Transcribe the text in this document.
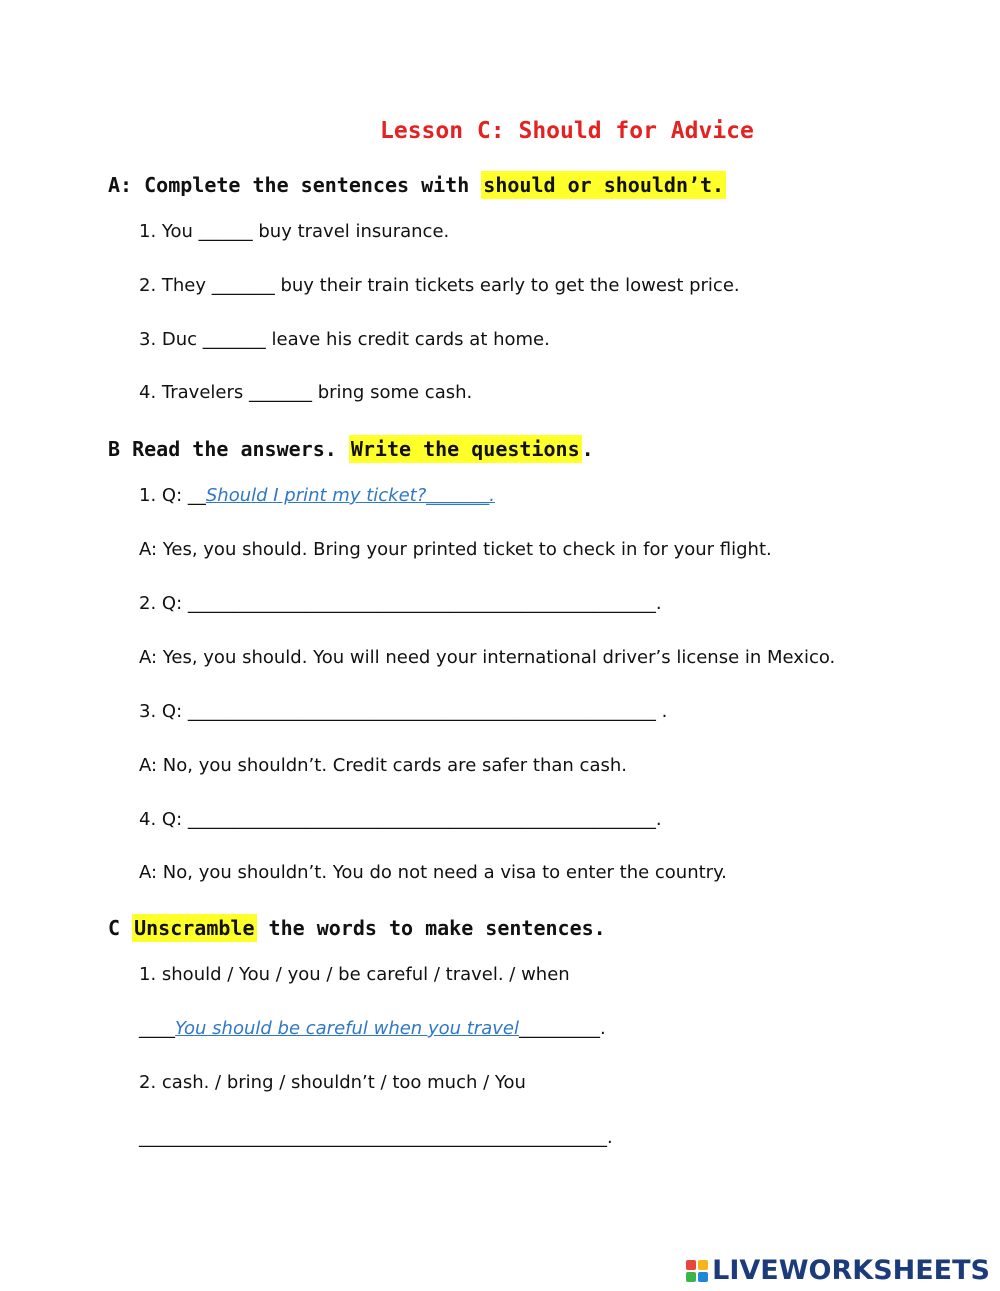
Lesson C: Should for Advice
A: Complete the sentences with should or shouldn’t.
1. You ______ buy travel insurance.
2. They _______ buy their train tickets early to get the lowest price.
3. Duc _______ leave his credit cards at home.
4. Travelers _______ bring some cash.
B Read the answers. Write the questions .
1. Q: __Should I print my ticket?_______.
A: Yes, you should. Bring your printed ticket to check in for your flight.
2. Q: ____________________________________________________.
A: Yes, you should. You will need your international driver’s license in Mexico.
3. Q: ____________________________________________________ .
A: No, you shouldn’t. Credit cards are safer than cash.
4. Q: ____________________________________________________.
A: No, you shouldn’t. You do not need a visa to enter the country.
C Unscramble the words to make sentences.
1. should / You / you / be careful / travel. / when
____You should be careful when you travel_________.
2. cash. / bring / shouldn’t / too much / You
____________________________________________________.
LIVEWORKSHEETS
